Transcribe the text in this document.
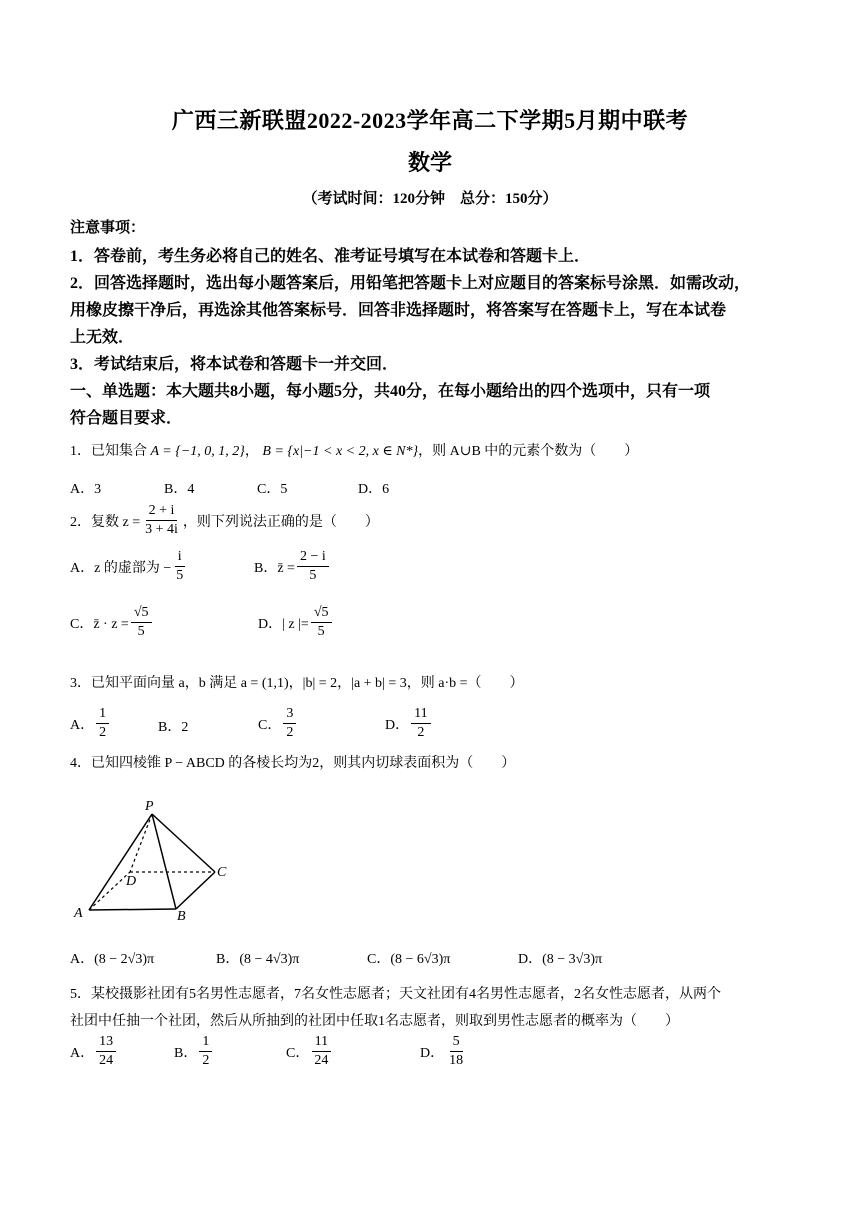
广西三新联盟2022-2023学年高二下学期5月期中联考
数学
（考试时间：120分钟　总分：150分）
注意事项：
1．答卷前，考生务必将自己的姓名、准考证号填写在本试卷和答题卡上．
2．回答选择题时，选出每小题答案后，用铅笔把答题卡上对应题目的答案标号涂黑．如需改动，
用橡皮擦干净后，再选涂其他答案标号．回答非选择题时，将答案写在答题卡上，写在本试卷
上无效．
3．考试结束后，将本试卷和答题卡一并交回．
一、单选题：本大题共8小题，每小题5分，共40分，在每小题给出的四个选项中，只有一项
符合题目要求．
1．已知集合 A = {−1, 0, 1, 2}， B = {x|−1 < x < 2, x ∈ N*}，则 A∪B 中的元素个数为（　　）
A．3	B．4	C．5	D．6
2．复数 $z = \frac{2 + i}{3 + 4i}$ ，则下列说法正确的是（　　）
A．z 的虚部为 − $\frac{i}{5}$	B．z̄ = $\frac{2 - i}{5}$
C．z̄ · $z = \frac{√5}{5}$	D．| z |= $\frac{√5}{5}$
3．已知平面向量 a，b 满足 a = (1,1)，|b| = 2，|a + b| = 3，则 a·b =（　　）
A． $\frac{1}{2}$	B．2	C． $\frac{3}{2}$	D． $\frac{11}{2}$
4．已知四棱锥 P − ABCD 的各棱长均为2，则其内切球表面积为（　　）
P
A	B
C
D
A．(8 − 2√3)π	B．(8 − 4√3)π	C．(8 − 6√3)π	D．(8 − 3√3)π
5．某校摄影社团有5名男性志愿者，7名女性志愿者；天文社团有4名男性志愿者，2名女性志愿者，从两个
社团中任抽一个社团，然后从所抽到的社团中任取1名志愿者，则取到男性志愿者的概率为（　　）
A． $\frac{13}{24}$	B． $\frac{1}{2}$	C． $\frac{11}{24}$	D． $\frac{5}{18}$
